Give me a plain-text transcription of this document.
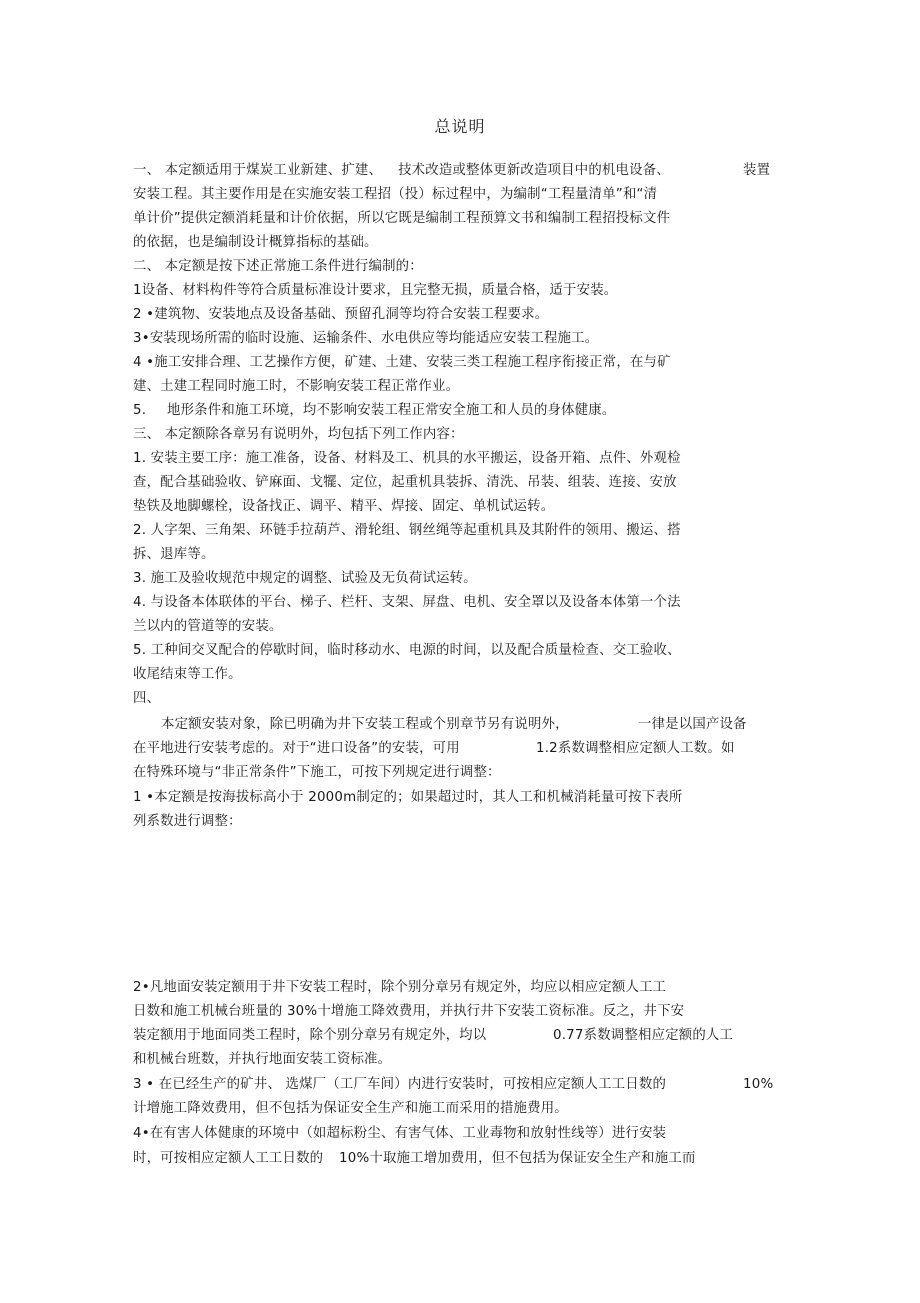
总说明
一、 本定额适用于煤炭工业新建、扩建、 技术改造或整体更新改造项目中的机电设备、	装置
安装工程。其主要作用是在实施安装工程招（投）标过程中，为编制“工程量清单”和“清
单计价”提供定额消耗量和计价依据，所以它既是编制工程预算文书和编制工程招投标文件
的依据，也是编制设计概算指标的基础。
二、 本定额是按下述正常施工条件进行编制的：
1设备、材料构件等符合质量标准设计要求，且完整无损，质量合格，适于安装。
2 •建筑物、安装地点及设备基础、预留孔洞等均符合安装工程要求。
3•安装现场所需的临时设施、运输条件、水电供应等均能适应安装工程施工。
4 •施工安排合理、工艺操作方便，矿建、土建、安装三类工程施工程序衔接正常，在与矿
建、土建工程同时施工时，不影响安装工程正常作业。
5. 地形条件和施工环境，均不影响安装工程正常安全施工和人员的身体健康。
三、 本定额除各章另有说明外，均包括下列工作内容：
1. 安装主要工序：施工准备，设备、材料及工、机具的水平搬运，设备开箱、点件、外观检
查，配合基础验收、铲麻面、戈犤、定位，起重机具装拆、清洗、吊装、组装、连接、安放
垫铁及地脚螺栓，设备找正、调平、精平、焊接、固定、单机试运转。
2. 人字架、三角架、环链手拉葫芦、滑轮组、钢丝绳等起重机具及其附件的领用、搬运、搭
拆、退库等。
3. 施工及验收规范中规定的调整、试验及无负荷试运转。
4. 与设备本体联体的平台、梯子、栏杆、支架、屏盘、电机、安全罩以及设备本体第一个法
兰以内的管道等的安装。
5. 工种间交叉配合的停歇时间，临时移动水、电源的时间，以及配合质量检查、交工验收、
收尾结束等工作。
四、
本定额安装对象，除已明确为井下安装工程或个别章节另有说明外，	一律是以国产设备
在平地进行安装考虑的。对于“进口设备”的安装，可用	1.2系数调整相应定额人工数。如
在特殊环境与“非正常条件”下施工，可按下列规定进行调整：
1 •本定额是按海拔标高小于 2000m制定的；如果超过时，其人工和机械消耗量可按下表所
列系数进行调整：
2•凡地面安装定额用于井下安装工程时，除个别分章另有规定外，均应以相应定额人工工
日数和施工机械台班量的 30%十增施工降效费用，并执行井下安装工资标准。反之，井下安
装定额用于地面同类工程时，除个别分章另有规定外，均以	0.77系数调整相应定额的人工
和机械台班数，并执行地面安装工资标准。
3 • 在已经生产的矿井、 选煤厂（工厂车间）内进行安装时，可按相应定额人工工日数的	10%
计增施工降效费用，但不包括为保证安全生产和施工而采用的措施费用。
4•在有害人体健康的环境中（如超标粉尘、有害气体、工业毒物和放射性线等）进行安装
时，可按相应定额人工工日数的 10%十取施工增加费用，但不包括为保证安全生产和施工而
